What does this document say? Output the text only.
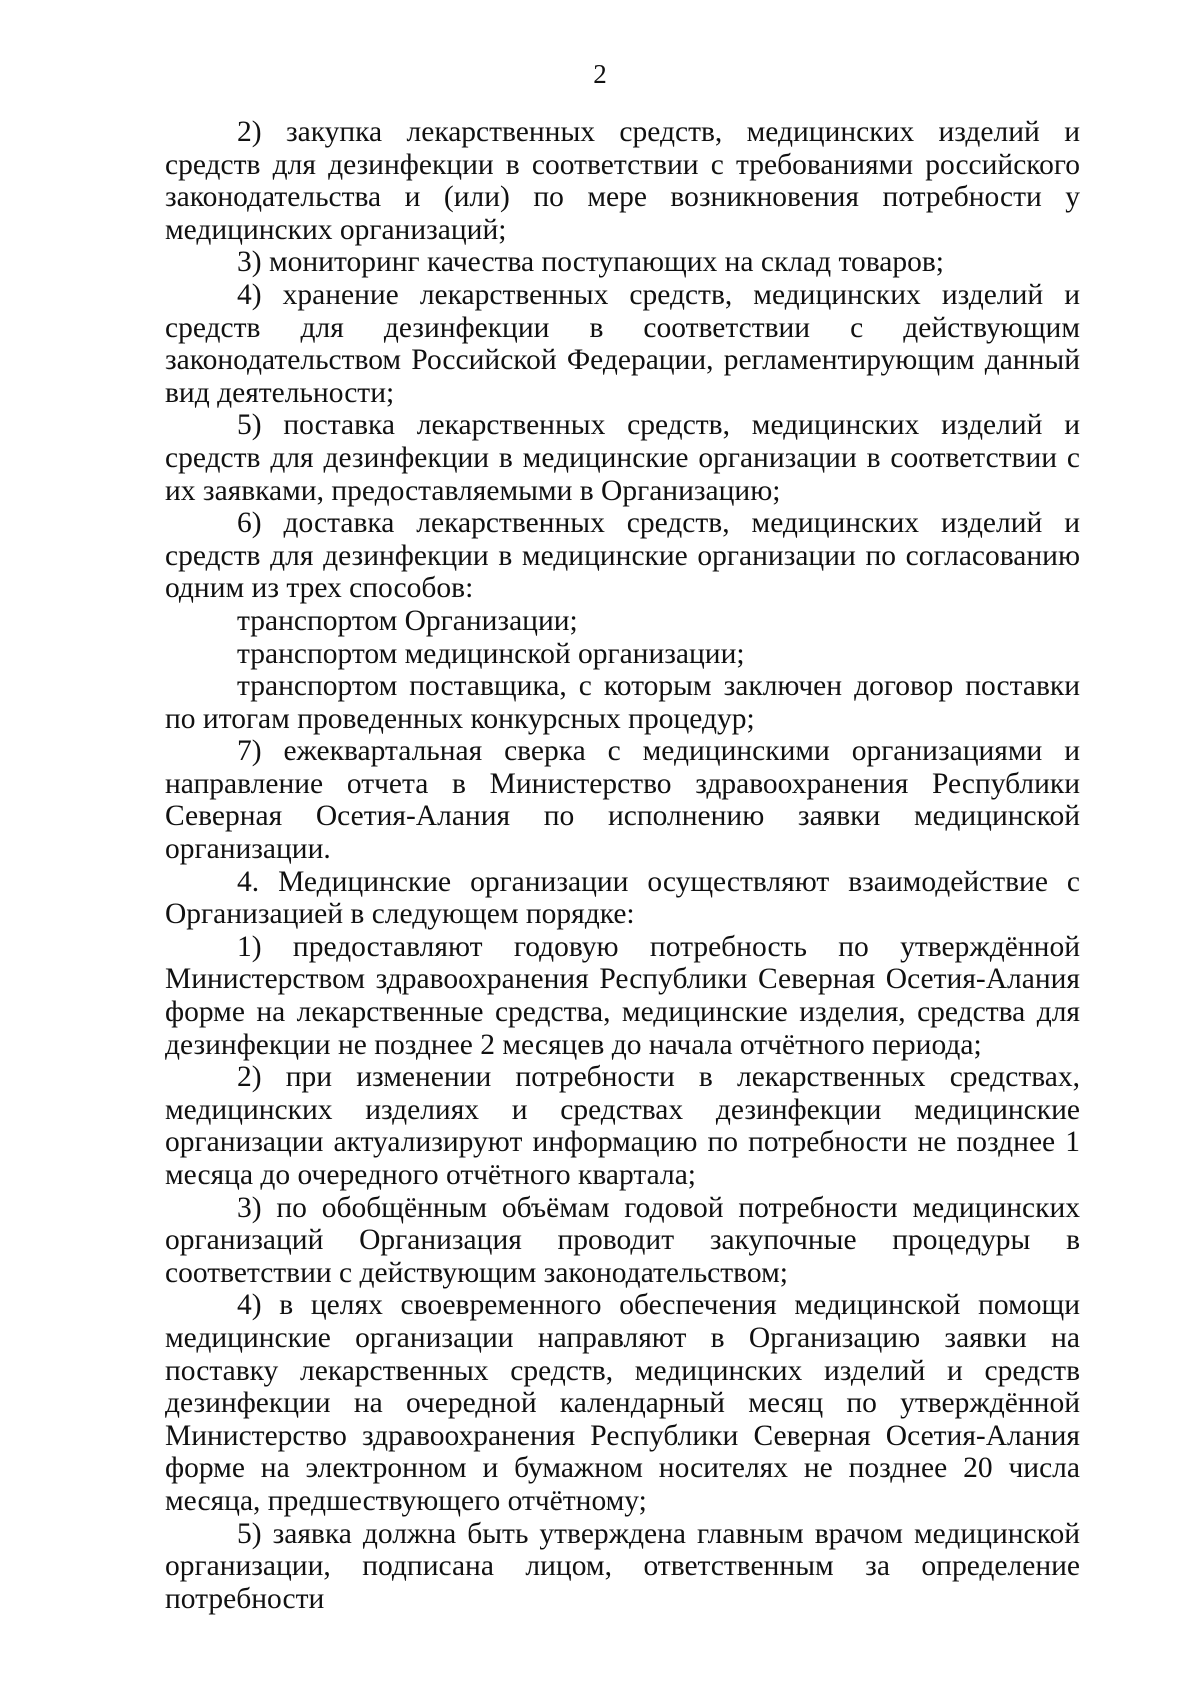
2

2) закупка лекарственных средств, медицинских изделий и средств для дезинфекции в соответствии с требованиями российского законодательства и (или) по мере возникновения потребности у медицинских организаций;

3) мониторинг качества поступающих на склад товаров;

4) хранение лекарственных средств, медицинских изделий и средств для дезинфекции в соответствии с действующим законодательством Российской Федерации, регламентирующим данный вид деятельности;

5) поставка лекарственных средств, медицинских изделий и средств для дезинфекции в медицинские организации в соответствии с их заявками, предоставляемыми в Организацию;

6) доставка лекарственных средств, медицинских изделий и средств для дезинфекции в медицинские организации по согласованию одним из трех способов:

транспортом Организации;

транспортом медицинской организации;

транспортом поставщика, с которым заключен договор поставки по итогам проведенных конкурсных процедур;

7) ежеквартальная сверка с медицинскими организациями и направление отчета в Министерство здравоохранения Республики Северная Осетия-Алания по исполнению заявки медицинской организации.

4. Медицинские организации осуществляют взаимодействие с Организацией в следующем порядке:

1) предоставляют годовую потребность по утверждённой Министерством здравоохранения Республики Северная Осетия-Алания форме на лекарственные средства, медицинские изделия, средства для дезинфекции не позднее 2 месяцев до начала отчётного периода;

2) при изменении потребности в лекарственных средствах, медицинских изделиях и средствах дезинфекции медицинские организации актуализируют информацию по потребности не позднее 1 месяца до очередного отчётного квартала;

3) по обобщённым объёмам годовой потребности медицинских организаций Организация проводит закупочные процедуры в соответствии с действующим законодательством;

4) в целях своевременного обеспечения медицинской помощи медицинские организации направляют в Организацию заявки на поставку лекарственных средств, медицинских изделий и средств дезинфекции на очередной календарный месяц по утверждённой Министерство здравоохранения Республики Северная Осетия-Алания форме на электронном и бумажном носителях не позднее 20 числа месяца, предшествующего отчётному;

5) заявка должна быть утверждена главным врачом медицинской организации, подписана лицом, ответственным за определение потребности
